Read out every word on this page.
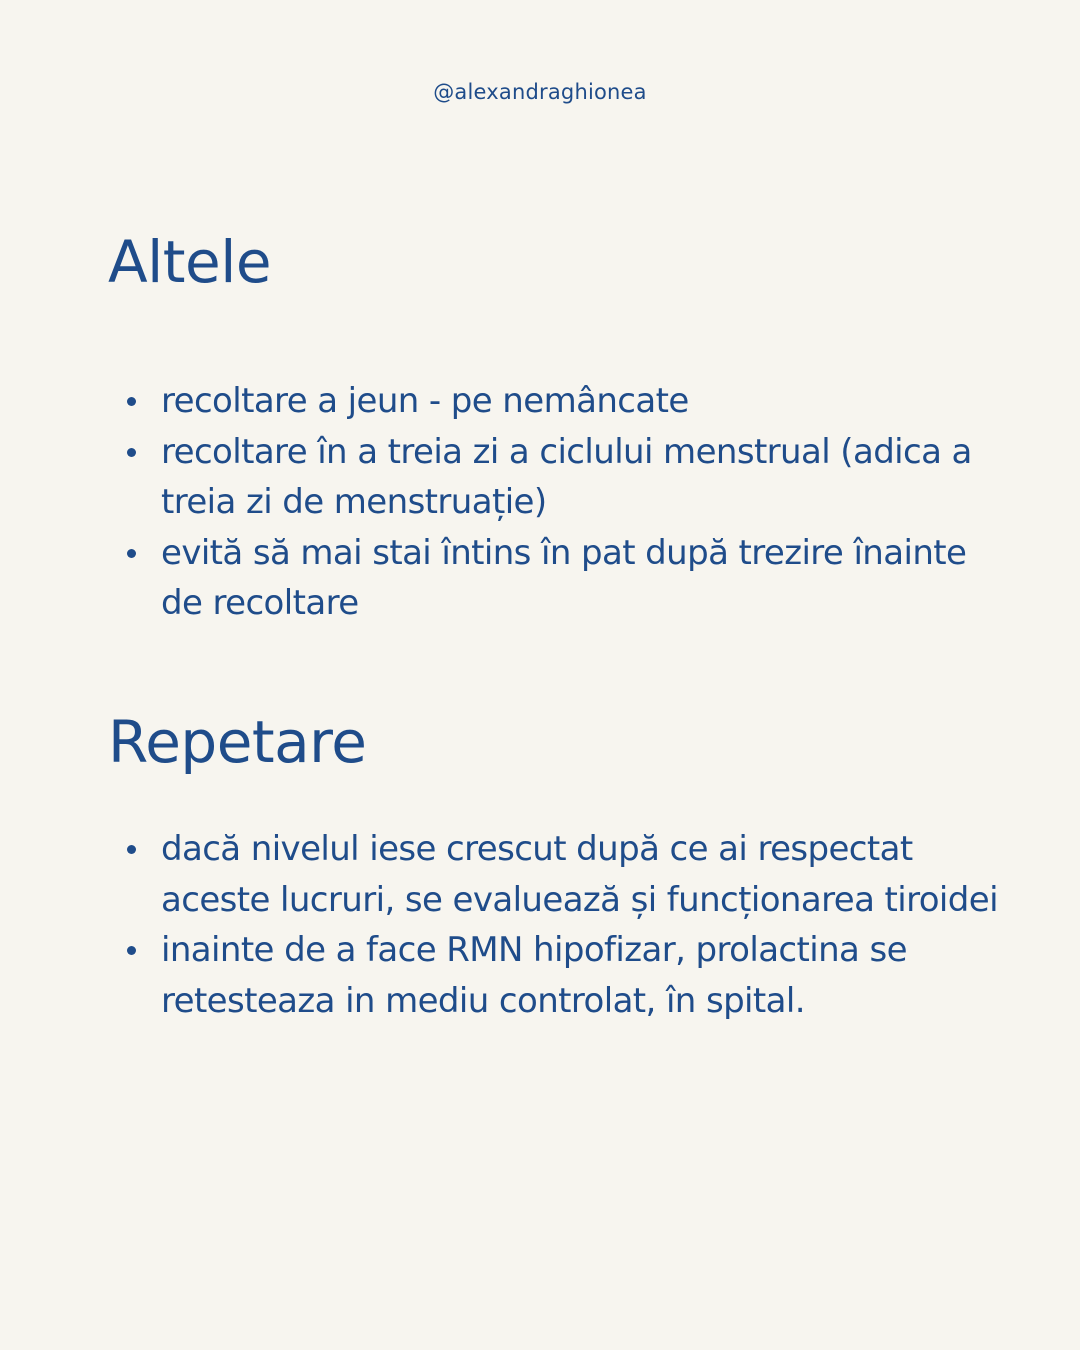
@alexandraghionea
Altele
recoltare a jeun - pe nemâncate
recoltare în a treia zi a ciclului menstrual (adica a treia zi de menstruație)
evită să mai stai întins în pat după trezire înainte de recoltare
Repetare
dacă nivelul iese crescut după ce ai respectat aceste lucruri, se evaluează și funcționarea tiroidei
inainte de a face RMN hipofizar, prolactina se retesteaza in mediu controlat, în spital.
